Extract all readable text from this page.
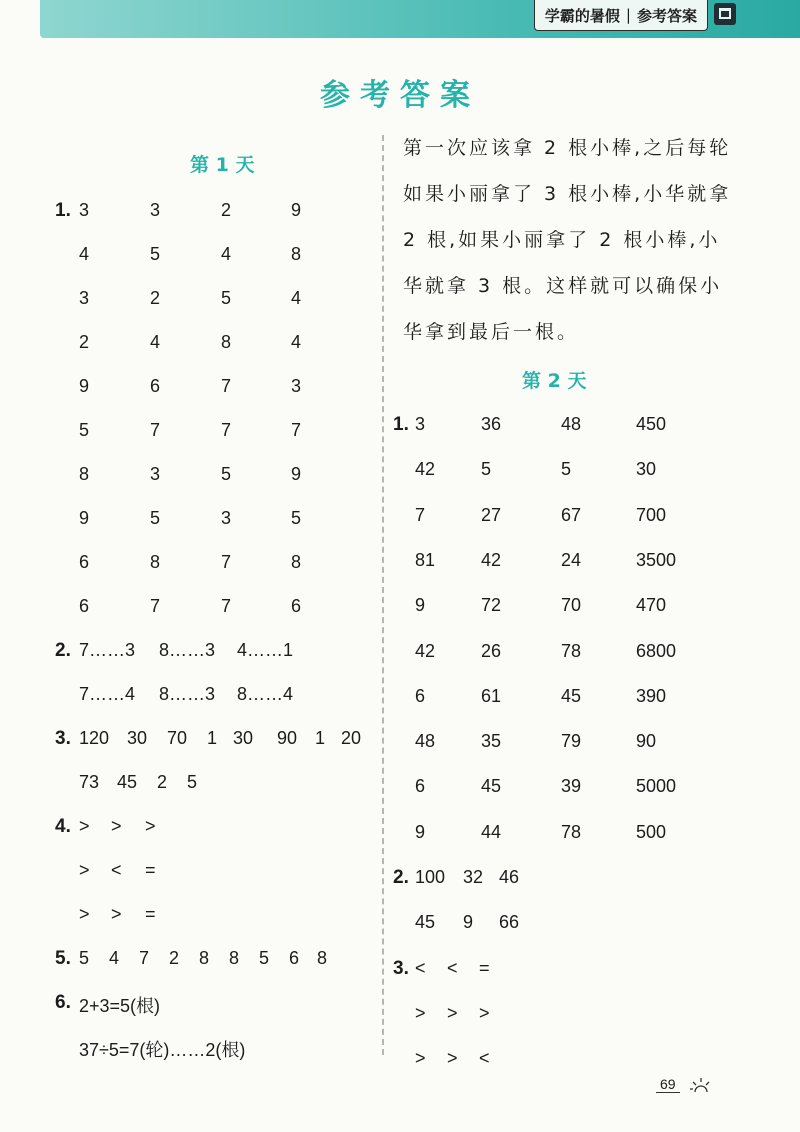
学霸的暑假 | 参考答案
参考答案
第 1 天
1. 3	3	2	9
4	5	4	8
3	2	5	4
2	4	8	4
9	6	7	3
5	7	7	7
8	3	5	9
9	5	3	5
6	8	7	8
6	7	7	6
2. 7……3 8……3 4……1
7……4 8……3 8……4
3. 120 30 70 1 30 90 1 20
73 45 2 5
4. > > >
> < =
> > =
5. 5 4 7 2 8 8 5 6 8
6. 2+3=5(根)
37÷5=7(轮)……2(根)
第一次应该拿 2 根小棒,之后每轮
如果小丽拿了 3 根小棒,小华就拿
2 根,如果小丽拿了 2 根小棒,小
华就拿 3 根。这样就可以确保小
华拿到最后一根。
第 2 天
1. 3	36	48	450
42	5	5	30
7	27	67	700
81	42	24	3500
9	72	70	470
42	26	78	6800
6	61	45	390
48	35	79	90
6	45	39	5000
9	44	78	500
2. 100 32 46
45 9 66
3. < < =
> > >
> > <
69
